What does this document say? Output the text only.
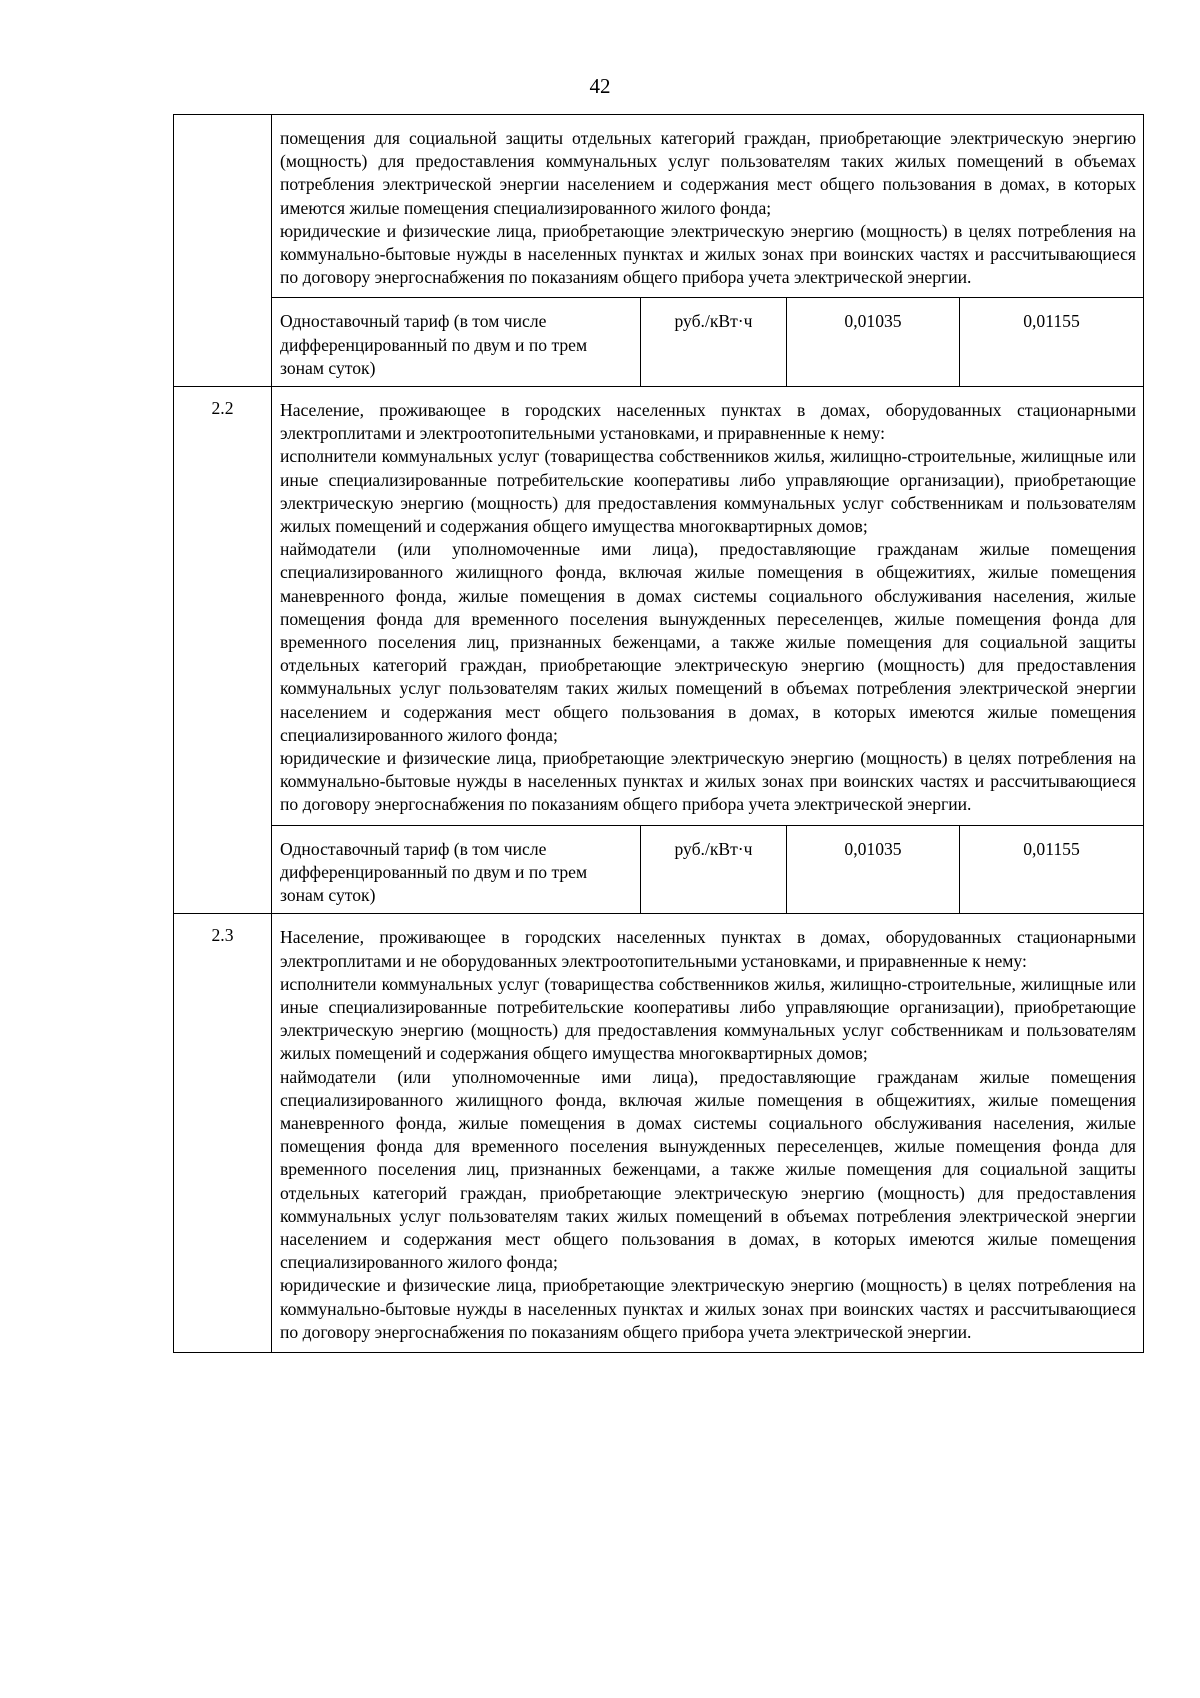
42

помещения для социальной защиты отдельных категорий граждан, приобретающие электрическую энергию (мощность) для предоставления коммунальных услуг пользователям таких жилых помещений в объемах потребления электрической энергии населением и содержания мест общего пользования в домах, в которых имеются жилые помещения специализированного жилого фонда;
юридические и физические лица, приобретающие электрическую энергию (мощность) в целях потребления на коммунально-бытовые нужды в населенных пунктах и жилых зонах при воинских частях и рассчитывающиеся по договору энергоснабжения по показаниям общего прибора учета электрической энергии.

Одноставочный тариф (в том числе дифференцированный по двум и по трем зонам суток)	руб./кВт·ч	0,01035	0,01155

2.2	Население, проживающее в городских населенных пунктах в домах, оборудованных стационарными электроплитами и электроотопительными установками, и приравненные к нему:
исполнители коммунальных услуг (товарищества собственников жилья, жилищно-строительные, жилищные или иные специализированные потребительские кооперативы либо управляющие организации), приобретающие электрическую энергию (мощность) для предоставления коммунальных услуг собственникам и пользователям жилых помещений и содержания общего имущества многоквартирных домов;
наймодатели (или уполномоченные ими лица), предоставляющие гражданам жилые помещения специализированного жилищного фонда, включая жилые помещения в общежитиях, жилые помещения маневренного фонда, жилые помещения в домах системы социального обслуживания населения, жилые помещения фонда для временного поселения вынужденных переселенцев, жилые помещения фонда для временного поселения лиц, признанных беженцами, а также жилые помещения для социальной защиты отдельных категорий граждан, приобретающие электрическую энергию (мощность) для предоставления коммунальных услуг пользователям таких жилых помещений в объемах потребления электрической энергии населением и содержания мест общего пользования в домах, в которых имеются жилые помещения специализированного жилого фонда;
юридические и физические лица, приобретающие электрическую энергию (мощность) в целях потребления на коммунально-бытовые нужды в населенных пунктах и жилых зонах при воинских частях и рассчитывающиеся по договору энергоснабжения по показаниям общего прибора учета электрической энергии.

Одноставочный тариф (в том числе дифференцированный по двум и по трем зонам суток)	руб./кВт·ч	0,01035	0,01155

2.3	Население, проживающее в городских населенных пунктах в домах, оборудованных стационарными электроплитами и не оборудованных электроотопительными установками, и приравненные к нему:
исполнители коммунальных услуг (товарищества собственников жилья, жилищно-строительные, жилищные или иные специализированные потребительские кооперативы либо управляющие организации), приобретающие электрическую энергию (мощность) для предоставления коммунальных услуг собственникам и пользователям жилых помещений и содержания общего имущества многоквартирных домов;
наймодатели (или уполномоченные ими лица), предоставляющие гражданам жилые помещения специализированного жилищного фонда, включая жилые помещения в общежитиях, жилые помещения маневренного фонда, жилые помещения в домах системы социального обслуживания населения, жилые помещения фонда для временного поселения вынужденных переселенцев, жилые помещения фонда для временного поселения лиц, признанных беженцами, а также жилые помещения для социальной защиты отдельных категорий граждан, приобретающие электрическую энергию (мощность) для предоставления коммунальных услуг пользователям таких жилых помещений в объемах потребления электрической энергии населением и содержания мест общего пользования в домах, в которых имеются жилые помещения специализированного жилого фонда;
юридические и физические лица, приобретающие электрическую энергию (мощность) в целях потребления на коммунально-бытовые нужды в населенных пунктах и жилых зонах при воинских частях и рассчитывающиеся по договору энергоснабжения по показаниям общего прибора учета электрической энергии.
